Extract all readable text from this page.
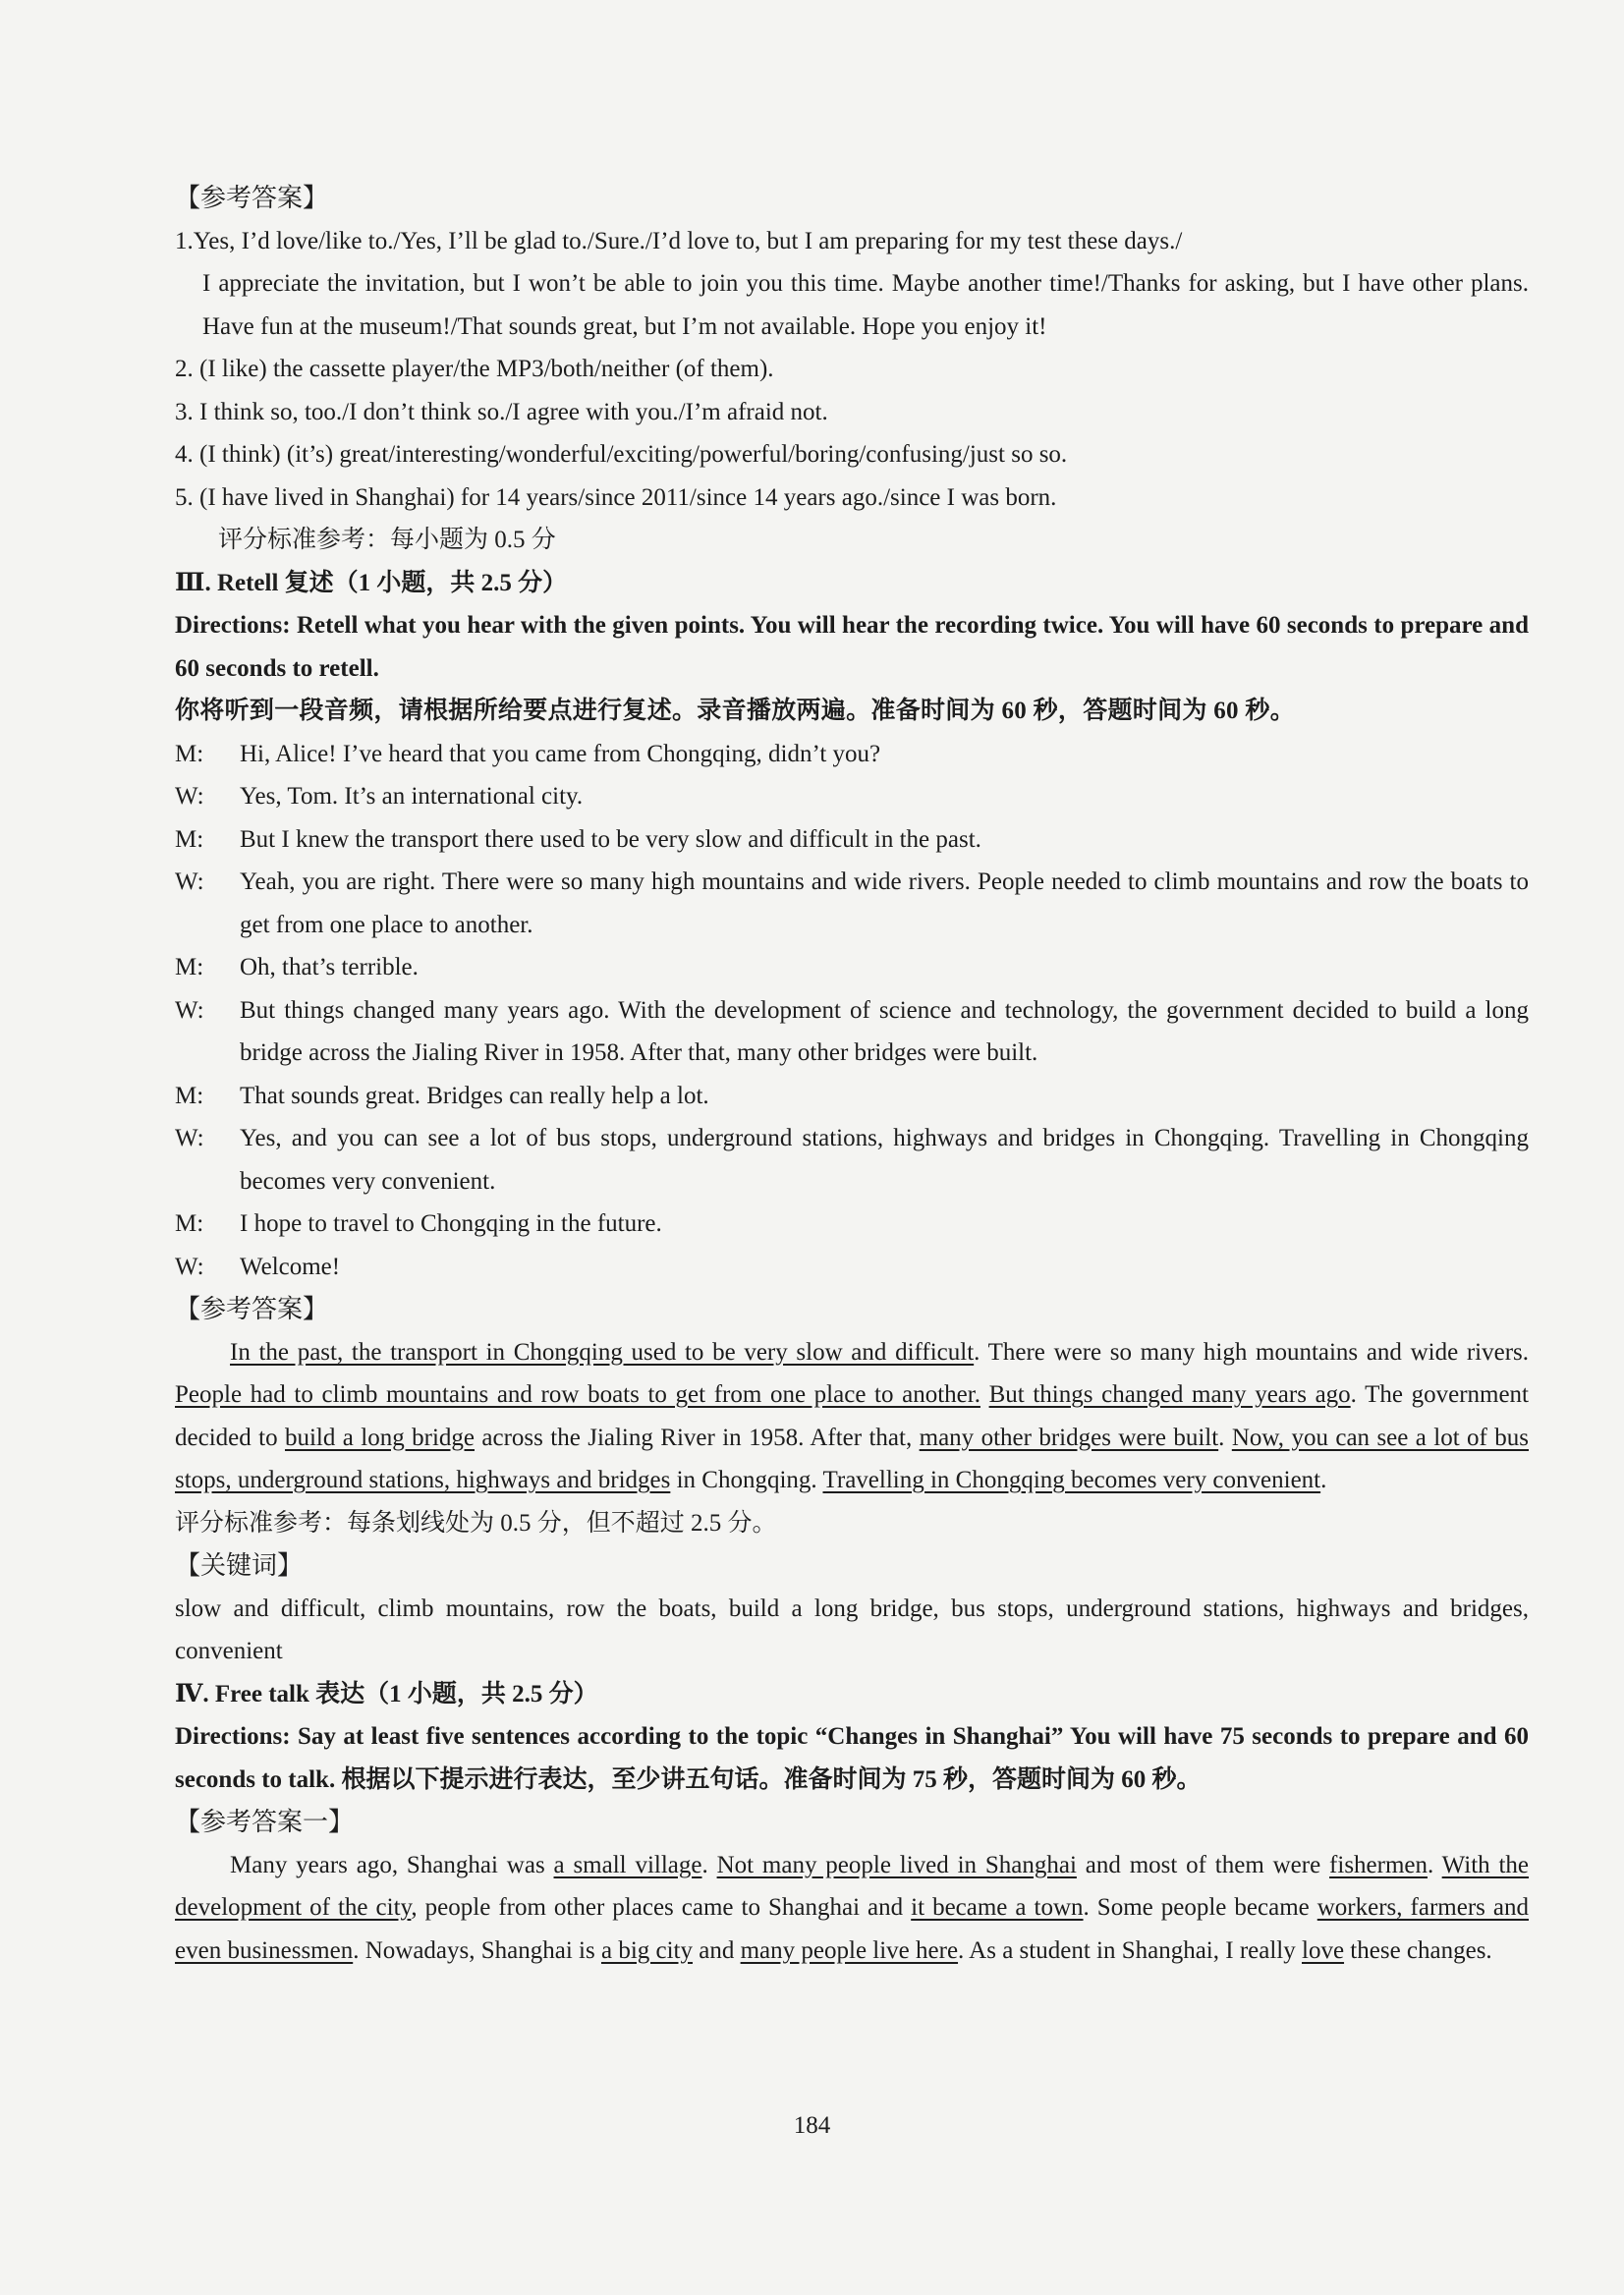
【参考答案】

1.Yes, I’d love/like to./Yes, I’ll be glad to./Sure./I’d love to, but I am preparing for my test these days./

I appreciate the invitation, but I won’t be able to join you this time. Maybe another time!/Thanks for asking, but I have other plans. Have fun at the museum!/That sounds great, but I’m not available. Hope you enjoy it!

2. (I like) the cassette player/the MP3/both/neither (of them).

3. I think so, too./I don’t think so./I agree with you./I’m afraid not.

4. (I think) (it’s) great/interesting/wonderful/exciting/powerful/boring/confusing/just so so.

5. (I have lived in Shanghai) for 14 years/since 2011/since 14 years ago./since I was born.

评分标准参考：每小题为 0.5 分

Ⅲ. Retell 复述（1 小题，共 2.5 分）

Directions: Retell what you hear with the given points. You will hear the recording twice. You will have 60 seconds to prepare and 60 seconds to retell.

你将听到一段音频，请根据所给要点进行复述。录音播放两遍。准备时间为 60 秒，答题时间为 60 秒。

M:	Hi, Alice! I’ve heard that you came from Chongqing, didn’t you?
W:	Yes, Tom. It’s an international city.
M:	But I knew the transport there used to be very slow and difficult in the past.
W:	Yeah, you are right. There were so many high mountains and wide rivers. People needed to climb mountains and row the boats to get from one place to another.
M:	Oh, that’s terrible.
W:	But things changed many years ago. With the development of science and technology, the government decided to build a long bridge across the Jialing River in 1958. After that, many other bridges were built.
M:	That sounds great. Bridges can really help a lot.
W:	Yes, and you can see a lot of bus stops, underground stations, highways and bridges in Chongqing. Travelling in Chongqing becomes very convenient.
M:	I hope to travel to Chongqing in the future.
W:	Welcome!

【参考答案】

In the past, the transport in Chongqing used to be very slow and difficult. There were so many high mountains and wide rivers. People had to climb mountains and row boats to get from one place to another. But things changed many years ago. The government decided to build a long bridge across the Jialing River in 1958. After that, many other bridges were built. Now, you can see a lot of bus stops, underground stations, highways and bridges in Chongqing. Travelling in Chongqing becomes very convenient.

评分标准参考：每条划线处为 0.5 分，但不超过 2.5 分。

【关键词】

slow and difficult, climb mountains, row the boats, build a long bridge, bus stops, underground stations, highways and bridges, convenient

Ⅳ. Free talk 表达（1 小题，共 2.5 分）

Directions: Say at least five sentences according to the topic “Changes in Shanghai” You will have 75 seconds to prepare and 60 seconds to talk. 根据以下提示进行表达，至少讲五句话。准备时间为 75 秒，答题时间为 60 秒。

【参考答案一】

Many years ago, Shanghai was a small village. Not many people lived in Shanghai and most of them were fishermen. With the development of the city, people from other places came to Shanghai and it became a town. Some people became workers, farmers and even businessmen. Nowadays, Shanghai is a big city and many people live here. As a student in Shanghai, I really love these changes.

184
